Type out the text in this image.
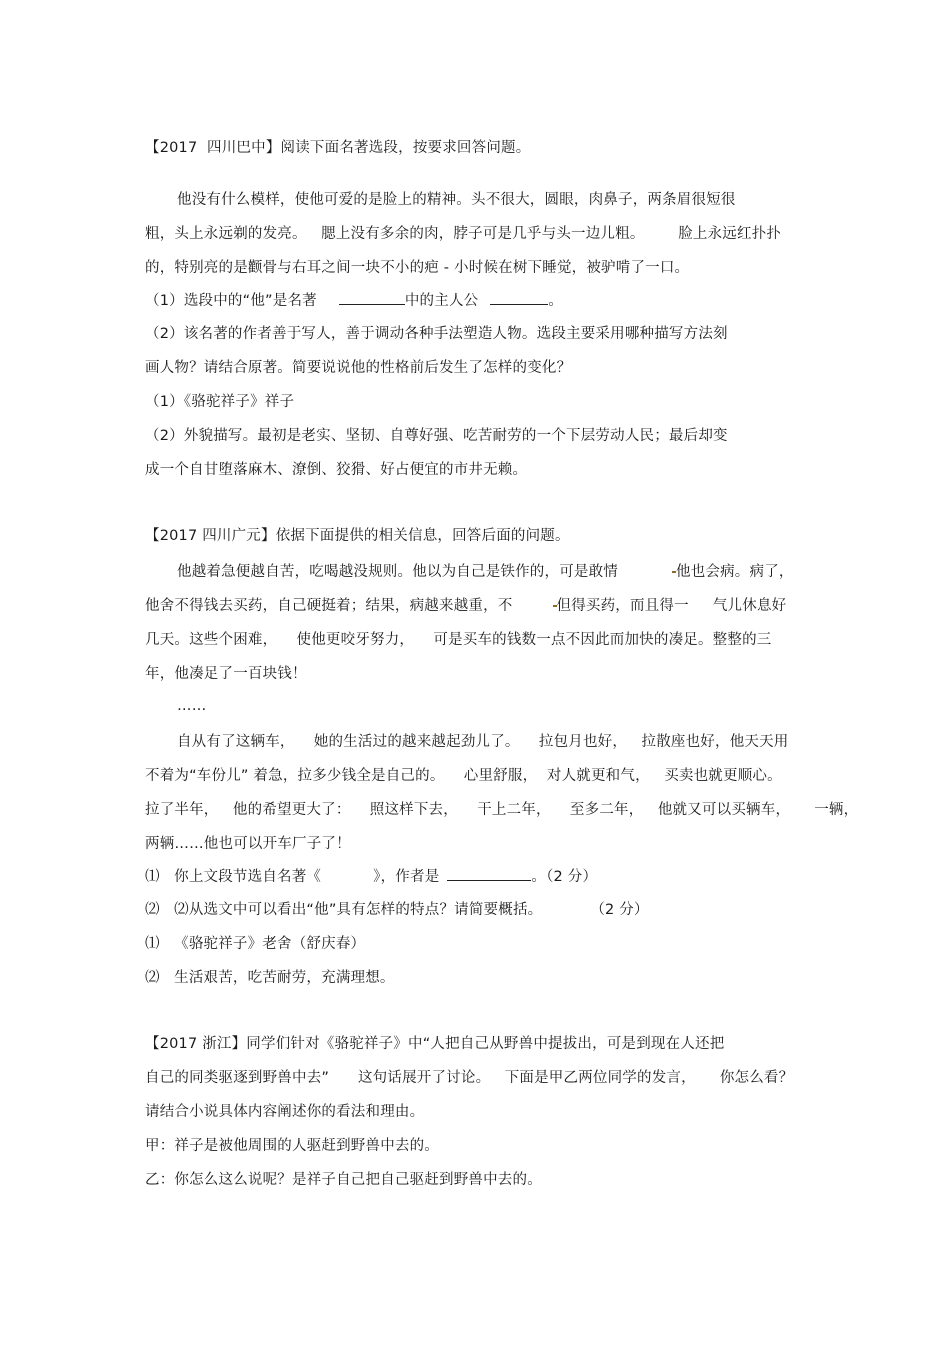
【2017  四川巴中】阅读下面名著选段，按要求回答问题。
他没有什么模样，使他可爱的是脸上的精神。头不很大，圆眼，肉鼻子，两条眉很短很
粗，头上永远剃的发亮。   腮上没有多余的肉，脖子可是几乎与头一边儿粗。       脸上永远红扑扑
的，特别亮的是颧骨与右耳之间一块不小的疤 - 小时候在树下睡觉，被驴啃了一口。
（1）选段中的“他”是名著	中的主人公	。
（2）该名著的作者善于写人，善于调动各种手法塑造人物。选段主要采用哪种描写方法刻
画人物？请结合原著。简要说说他的性格前后发生了怎样的变化？
（1）《骆驼祥子》祥子
（2）外貌描写。最初是老实、坚韧、自尊好强、吃苦耐劳的一个下层劳动人民；最后却变
成一个自甘堕落麻木、潦倒、狡猾、好占便宜的市井无赖。
【2017 四川广元】依据下面提供的相关信息，回答后面的问题。
他越着急便越自苦，吃喝越没规则。他以为自己是铁作的，可是敢情	他也会病。病了，
他舍不得钱去买药，自己硬挺着；结果，病越来越重，不	但得买药，而且得一     气儿休息好
几天。这些个困难，    使他更咬牙努力，    可是买车的钱数一点不因此而加快的凑足。整整的三
年，他凑足了一百块钱！
……
自从有了这辆车，    她的生活过的越来越起劲儿了。    拉包月也好，   拉散座也好，他天天用
不着为“车份儿” 着急，拉多少钱全是自己的。    心里舒服，  对人就更和气，   买卖也就更顺心。
拉了半年，   他的希望更大了：    照这样下去，    干上二年，    至多二年，   他就又可以买辆车，     一辆，
两辆……他也可以开车厂子了！
⑴   你上文段节选自名著《	》，作者是	。（2 分）
⑵   ⑵从选文中可以看出“他”具有怎样的特点？请简要概括。	（2 分）
⑴   《骆驼祥子》老舍（舒庆春）
⑵   生活艰苦，吃苦耐劳，充满理想。
【2017 浙江】同学们针对《骆驼祥子》中“人把自己从野兽中提拔出，可是到现在人还把
自己的同类驱逐到野兽中去”      这句话展开了讨论。   下面是甲乙两位同学的发言，     你怎么看？
请结合小说具体内容阐述你的看法和理由。
甲：祥子是被他周围的人驱赶到野兽中去的。
乙：你怎么这么说呢？是祥子自己把自己驱赶到野兽中去的。
